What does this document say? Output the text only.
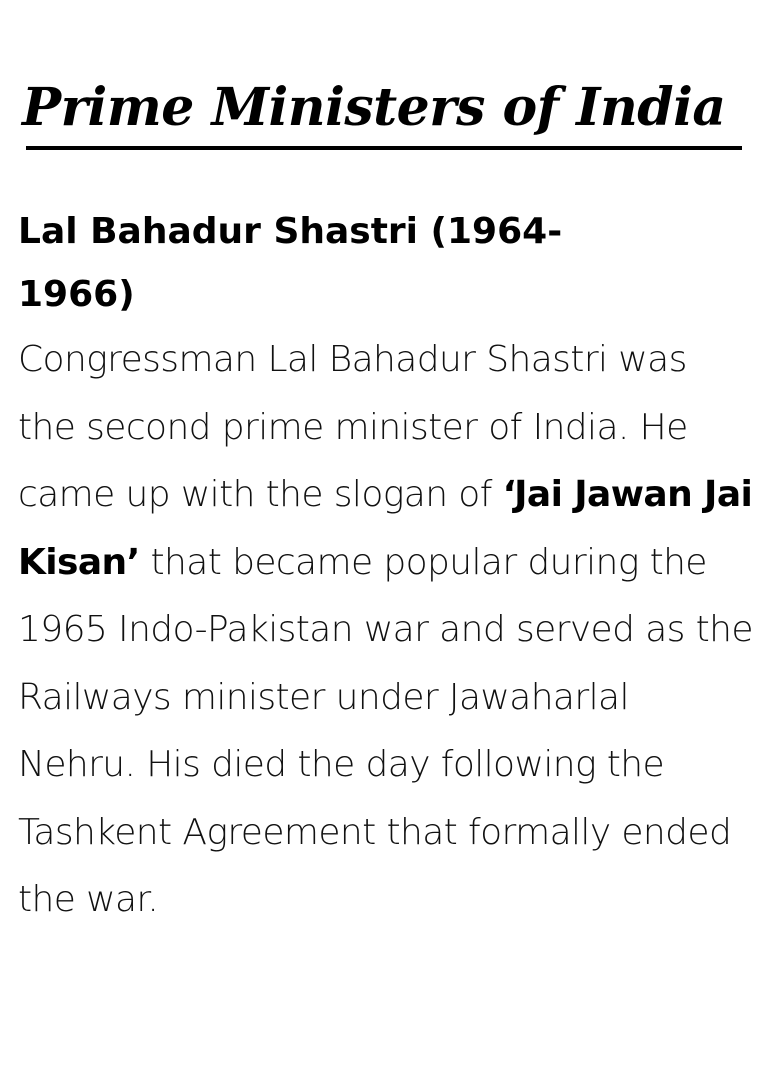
Prime Ministers of India
Lal Bahadur Shastri (1964-1966)

Congressman Lal Bahadur Shastri was the second prime minister of India. He came up with the slogan of ‘Jai Jawan Jai Kisan’ that became popular during the 1965 Indo-Pakistan war and served as the Railways minister under Jawaharlal Nehru. His died the day following the Tashkent Agreement that formally ended the war.
